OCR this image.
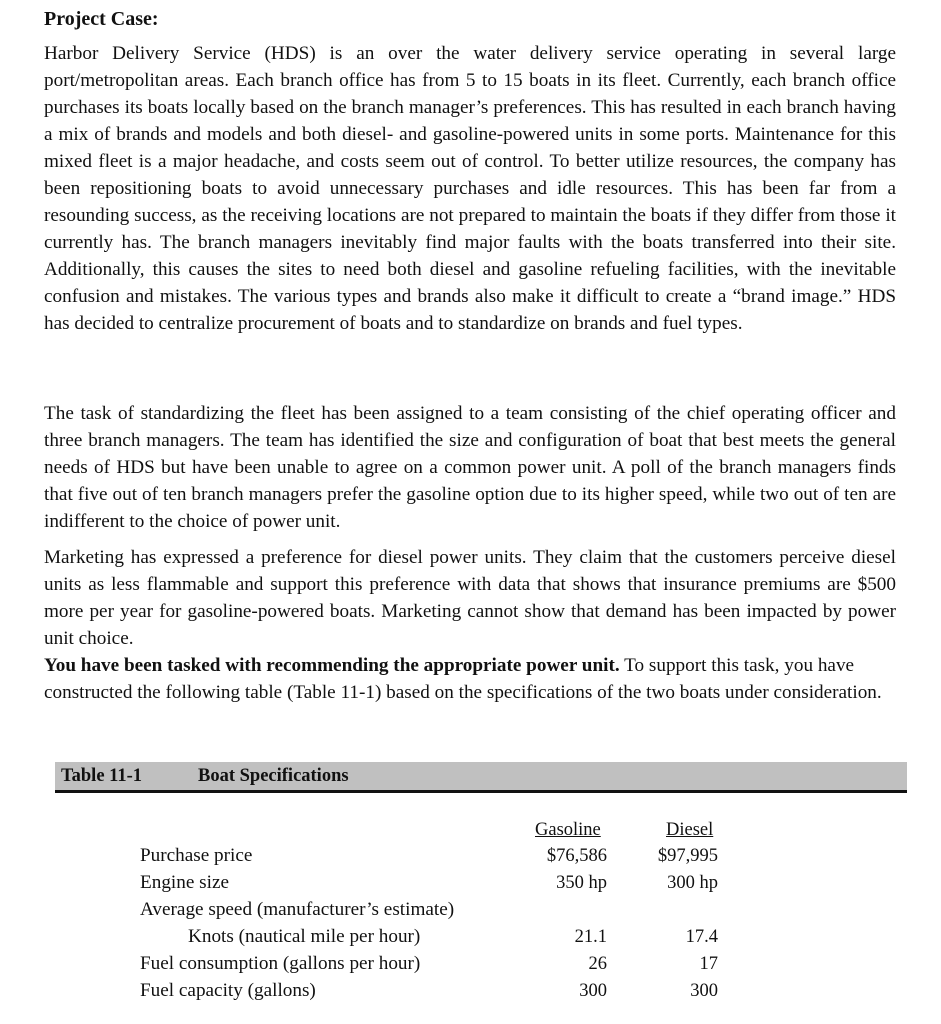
Project Case:

Harbor Delivery Service (HDS) is an over the water delivery service operating in several large port/metropolitan areas. Each branch office has from 5 to 15 boats in its fleet. Currently, each branch office purchases its boats locally based on the branch manager’s preferences. This has resulted in each branch having a mix of brands and models and both diesel- and gasoline-powered units in some ports. Maintenance for this mixed fleet is a major headache, and costs seem out of control. To better utilize resources, the company has been repositioning boats to avoid unnecessary purchases and idle resources. This has been far from a resounding success, as the receiving locations are not prepared to maintain the boats if they differ from those it currently has. The branch managers inevitably find major faults with the boats transferred into their site. Additionally, this causes the sites to need both diesel and gasoline refueling facilities, with the inevitable confusion and mistakes. The various types and brands also make it difficult to create a “brand image.” HDS has decided to centralize procurement of boats and to standardize on brands and fuel types.

The task of standardizing the fleet has been assigned to a team consisting of the chief operating officer and three branch managers. The team has identified the size and configuration of boat that best meets the general needs of HDS but have been unable to agree on a common power unit. A poll of the branch managers finds that five out of ten branch managers prefer the gasoline option due to its higher speed, while two out of ten are indifferent to the choice of power unit.

Marketing has expressed a preference for diesel power units. They claim that the customers perceive diesel units as less flammable and support this preference with data that shows that insurance premiums are $500 more per year for gasoline-powered boats. Marketing cannot show that demand has been impacted by power unit choice.

You have been tasked with recommending the appropriate power unit. To support this task, you have constructed the following table (Table 11-1) based on the specifications of the two boats under consideration.

Table 11-1	Boat Specifications
Gasoline	Diesel
Purchase price
Engine size
Average speed (manufacturer’s estimate)
Knots (nautical mile per hour)
Fuel consumption (gallons per hour)
Fuel capacity (gallons)
$76,586
350 hp
21.1
26
300
$97,995
300 hp
17.4
17
300
